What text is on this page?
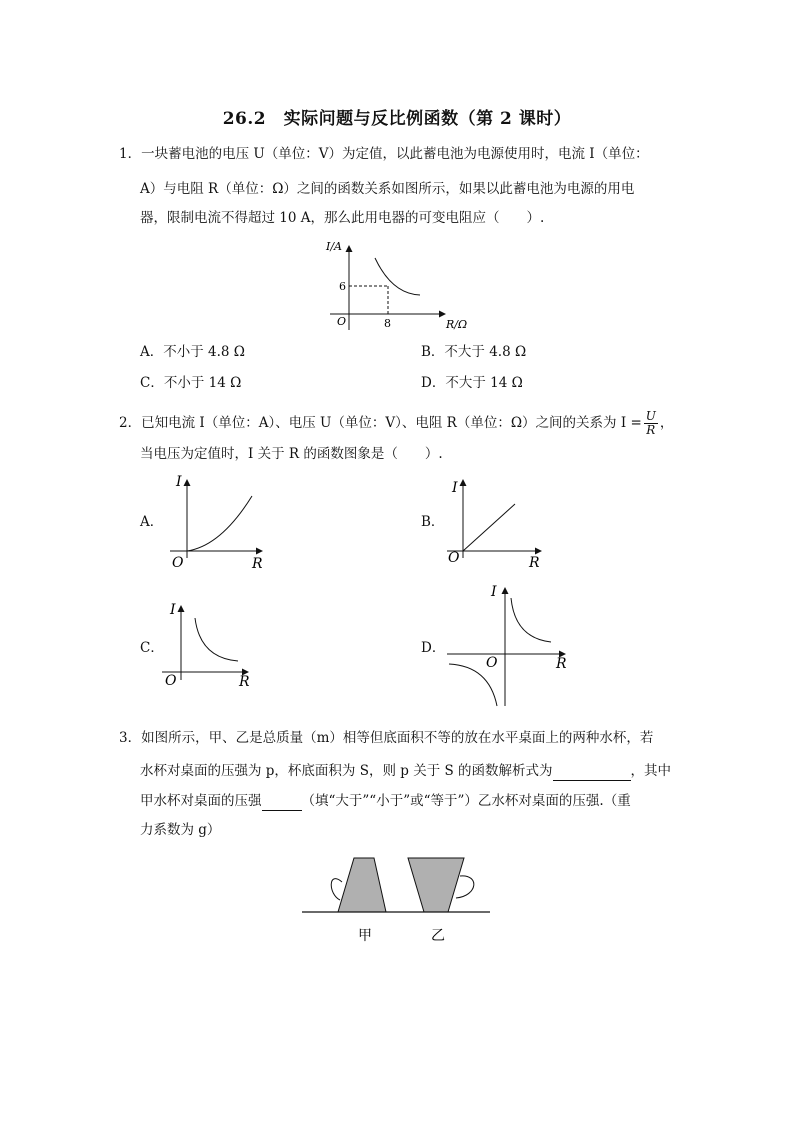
26.2　实际问题与反比例函数（第 2 课时）
1．一块蓄电池的电压 U（单位：V）为定值，以此蓄电池为电源使用时，电流 I（单位：
A）与电阻 R（单位：Ω）之间的函数关系如图所示，如果以此蓄电池为电源的用电
器，限制电流不得超过 10 A，那么此用电器的可变电阻应（　　）.
I/A
R/Ω
O
6
8
A．不小于 4.8 Ω	B．不大于 4.8 Ω
C．不小于 14 Ω	D．不大于 14 Ω
2．已知电流 I（单位：A）、电压 U（单位：V）、电阻 R（单位：Ω）之间的关系为 $I = \frac{U}{R}$ ，
当电压为定值时，I 关于 R 的函数图象是（　　）.
A．
I
R
O
B．
I
R
O
C．
I
R
O
D．
I
R
O
3．如图所示，甲、乙是总质量（m）相等但底面积不等的放在水平桌面上的两种水杯，若
水杯对桌面的压强为 p，杯底面积为 S，则 p 关于 S 的函数解析式为	，其中
甲水杯对桌面的压强	（填“大于”“小于”或“等于”）乙水杯对桌面的压强.（重
力系数为 g）
甲	乙
